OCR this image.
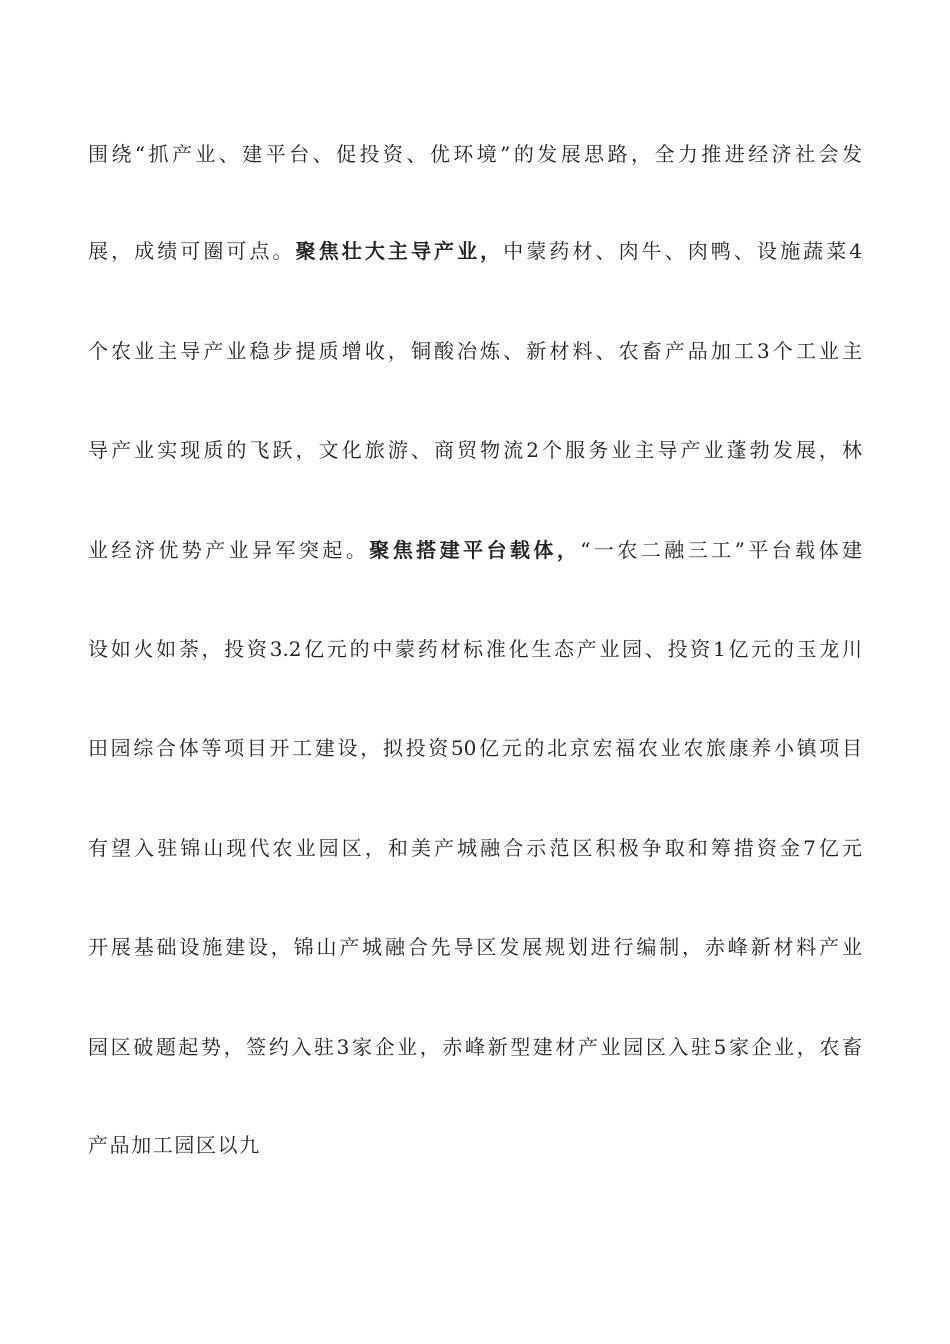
围绕“抓产业、建平台、促投资、优环境”的发展思路，全力推进经济社会发
展，成绩可圈可点。聚焦壮大主导产业，中蒙药材、肉牛、肉鸭、设施蔬菜4
个农业主导产业稳步提质增收，铜酸冶炼、新材料、农畜产品加工3个工业主
导产业实现质的飞跃，文化旅游、商贸物流2个服务业主导产业蓬勃发展，林
业经济优势产业异军突起。聚焦搭建平台载体，“一农二融三工”平台载体建
设如火如荼，投资3.2亿元的中蒙药材标准化生态产业园、投资1亿元的玉龙川
田园综合体等项目开工建设，拟投资50亿元的北京宏福农业农旅康养小镇项目
有望入驻锦山现代农业园区，和美产城融合示范区积极争取和筹措资金7亿元
开展基础设施建设，锦山产城融合先导区发展规划进行编制，赤峰新材料产业
园区破题起势，签约入驻3家企业，赤峰新型建材产业园区入驻5家企业，农畜
产品加工园区以九
